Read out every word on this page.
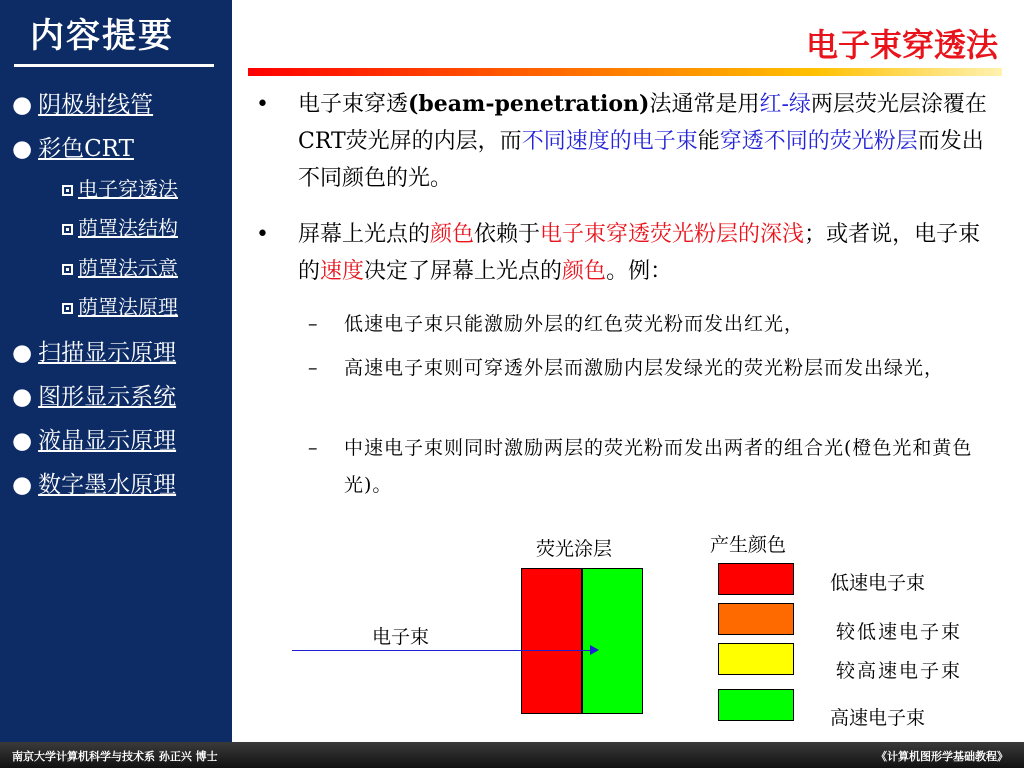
内容提要
● 阴极射线管
● 彩色CRT
电子穿透法
荫罩法结构
荫罩法示意
荫罩法原理
● 扫描显示原理
● 图形显示系统
● 液晶显示原理
● 数字墨水原理
电子束穿透法
• 电子束穿透(beam-penetration)法通常是用红-绿两层荧光层涂覆在CRT荧光屏的内层，而不同速度的电子束能穿透不同的荧光粉层而发出不同颜色的光。
• 屏幕上光点的颜色依赖于电子束穿透荧光粉层的深浅；或者说，电子束的速度决定了屏幕上光点的颜色。例：
– 低速电子束只能激励外层的红色荧光粉而发出红光，
– 高速电子束则可穿透外层而激励内层发绿光的荧光粉层而发出绿光，
– 中速电子束则同时激励两层的荧光粉而发出两者的组合光(橙色光和黄色光)。
荧光涂层	产生颜色
电子束
低速电子束
较低速电子束
较高速电子束
高速电子束
南京大学计算机科学与技术系 孙正兴 博士	《计算机图形学基础教程》
